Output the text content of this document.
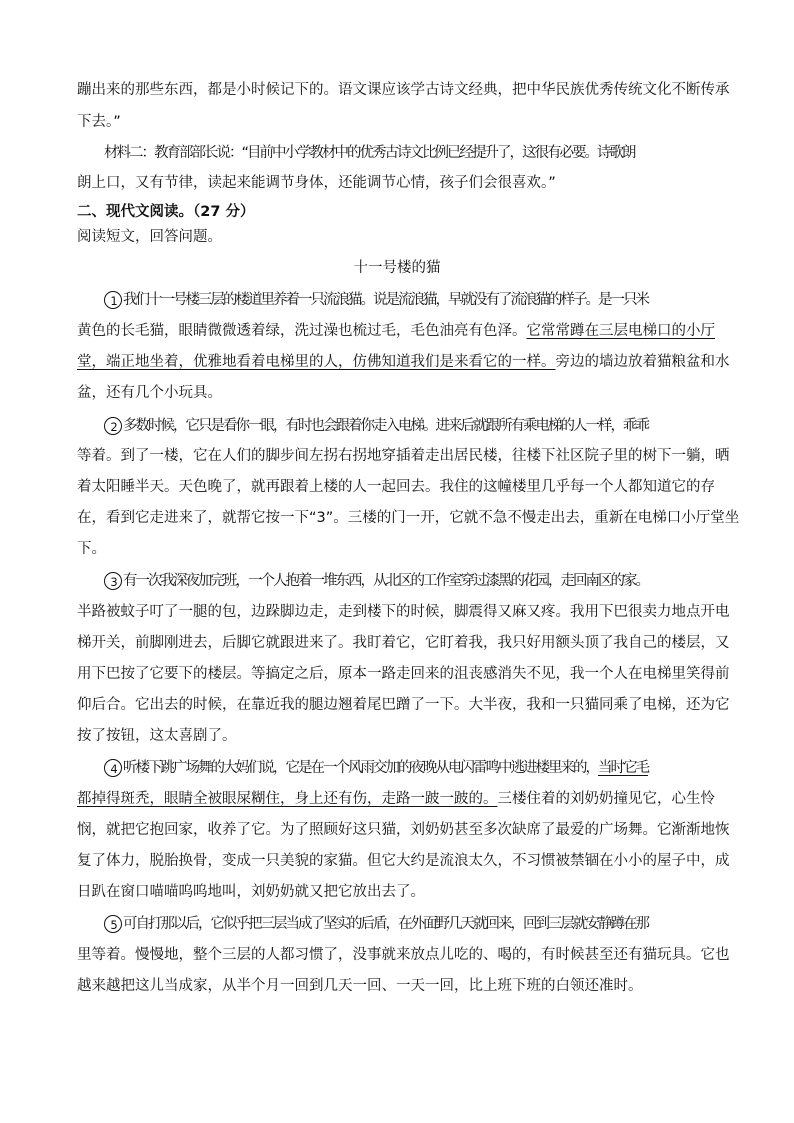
蹦出来的那些东西，都是小时候记下的。语文课应该学古诗文经典，把中华民族优秀传统文化不断传承
下去。”
材料二：教育部部长说：“目前中小学教材中的优秀古诗文比例已经提升了，这很有必要。诗歌朗
朗上口，又有节律，读起来能调节身体，还能调节心情，孩子们会很喜欢。”
二、现代文阅读。（27 分）
阅读短文，回答问题。
十一号楼的猫
1 我们十一号楼三层的楼道里养着一只流浪猫。说是流浪猫，早就没有了流浪猫的样子。是一只米
黄色的长毛猫，眼睛微微透着绿，洗过澡也梳过毛，毛色油亮有色泽。它常常蹲在三层电梯口的小厅
堂，端正地坐着，优雅地看着电梯里的人，仿佛知道我们是来看它的一样。旁边的墙边放着猫粮盆和水
盆，还有几个小玩具。
2 多数时候，它只是看你一眼，有时也会跟着你走入电梯。进来后就跟所有乘电梯的人一样，乖乖
等着。到了一楼，它在人们的脚步间左拐右拐地穿插着走出居民楼，往楼下社区院子里的树下一躺，晒
着太阳睡半天。天色晚了，就再跟着上楼的人一起回去。我住的这幢楼里几乎每一个人都知道它的存
在，看到它走进来了，就帮它按一下“3”。三楼的门一开，它就不急不慢走出去，重新在电梯口小厅堂坐
下。
3 有一次我深夜加完班，一个人抱着一堆东西，从北区的工作室穿过漆黑的花园，走回南区的家。
半路被蚊子叮了一腿的包，边跺脚边走，走到楼下的时候，脚震得又麻又疼。我用下巴很卖力地点开电
梯开关，前脚刚进去，后脚它就跟进来了。我盯着它，它盯着我，我只好用额头顶了我自己的楼层，又
用下巴按了它要下的楼层。等搞定之后，原本一路走回来的沮丧感消失不见，我一个人在电梯里笑得前
仰后合。它出去的时候，在靠近我的腿边翘着尾巴蹭了一下。大半夜，我和一只猫同乘了电梯，还为它
按了按钮，这太喜剧了。
4 听楼下跳广场舞的大妈们说，它是在一个风雨交加的夜晚从电闪雷鸣中逃进楼里来的，当时它毛
都掉得斑秃，眼睛全被眼屎糊住，身上还有伤，走路一跛一跛的。三楼住着的刘奶奶撞见它，心生怜
悯，就把它抱回家，收养了它。为了照顾好这只猫，刘奶奶甚至多次缺席了最爱的广场舞。它渐渐地恢
复了体力，脱胎换骨，变成一只美貌的家猫。但它大约是流浪太久，不习惯被禁锢在小小的屋子中，成
日趴在窗口喵喵呜呜地叫，刘奶奶就又把它放出去了。
5 可自打那以后，它似乎把三层当成了坚实的后盾，在外面野几天就回来，回到三层就安静蹲在那
里等着。慢慢地，整个三层的人都习惯了，没事就来放点儿吃的、喝的，有时候甚至还有猫玩具。它也
越来越把这儿当成家，从半个月一回到几天一回、一天一回，比上班下班的白领还准时。
